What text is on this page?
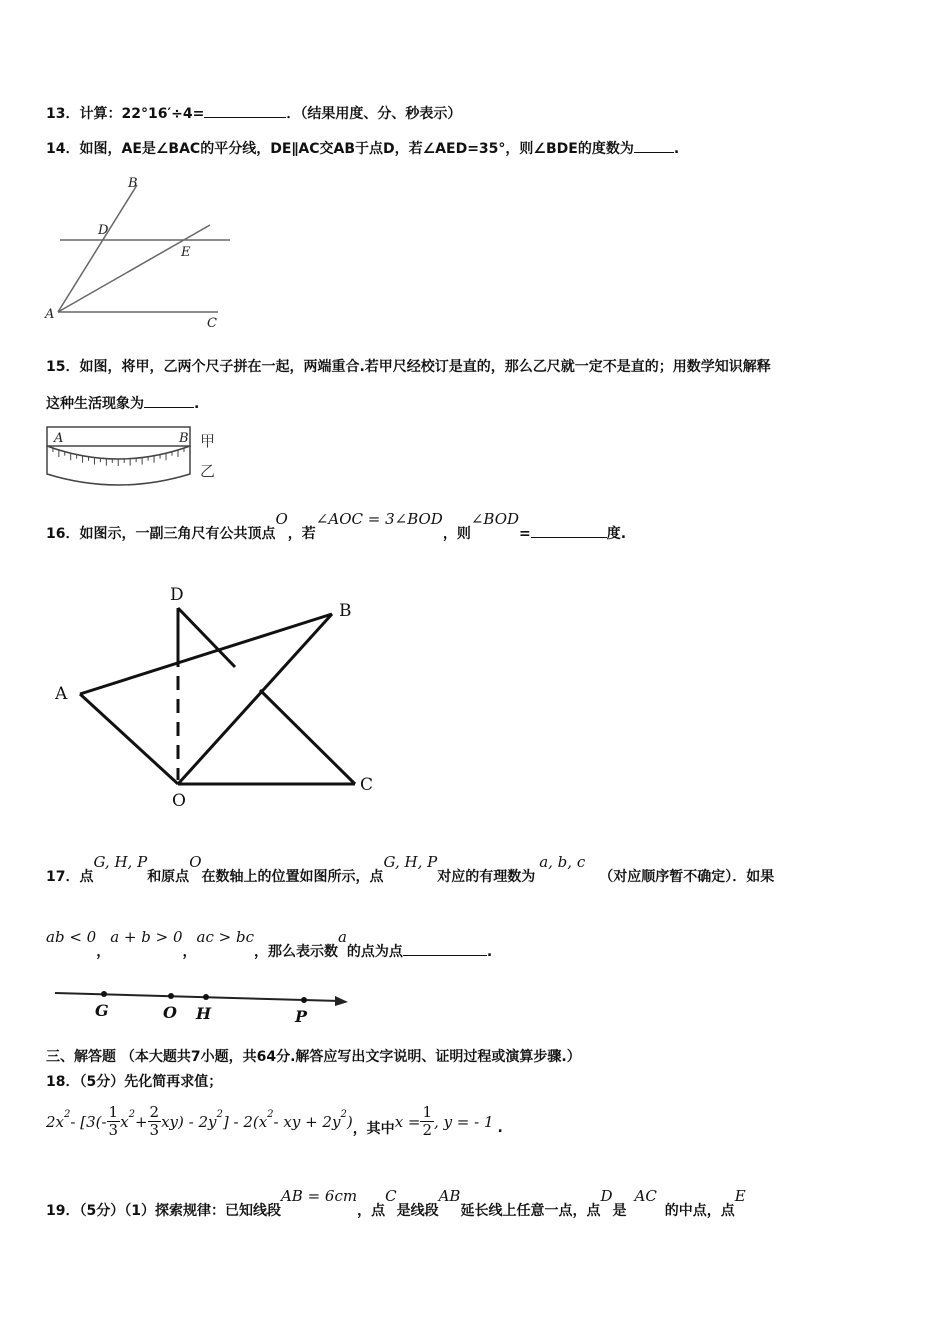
13．计算：22°16′÷4=	．（结果用度、分、秒表示）
14．如图，AE是∠BAC的平分线，DE∥AC交AB于点D，若∠AED=35°，则∠BDE的度数为	.
B
D
E
A
C
15．如图，将甲，乙两个尺子拼在一起，两端重合.若甲尺经校订是直的，那么乙尺就一定不是直的；用数学知识解释
这种生活现象为	.
A	B 甲
乙
16．如图示，一副三角尺有公共顶点O，若∠AOC = 3∠BOD，则∠BOD=	度.
D
B
A
O
C
17．点G, H, P和原点O在数轴上的位置如图所示，点G, H, P对应的有理数为a, b, c（对应顺序暂不确定）．如果
ab < 0，a + b > 0，ac > bc，那么表示数a的点为点	.
G	O H	P
三、解答题 （本大题共7小题，共64分.解答应写出文字说明、证明过程或演算步骤.）
18．（5分）先化简再求值；
2x $2 - [3(- \frac{1}{3}$ x $2 + \frac{2}{3} xy) - 2y$ 2 ] - 2(x 2 - xy + 2y 2 ) ，其中 $x = \frac{1}{2}$ , y = - 1 .
19．（5分）（1）探索规律：已知线段AB = 6cm，点C是线段AB延长线上任意一点，点D是AC的中点，点E
